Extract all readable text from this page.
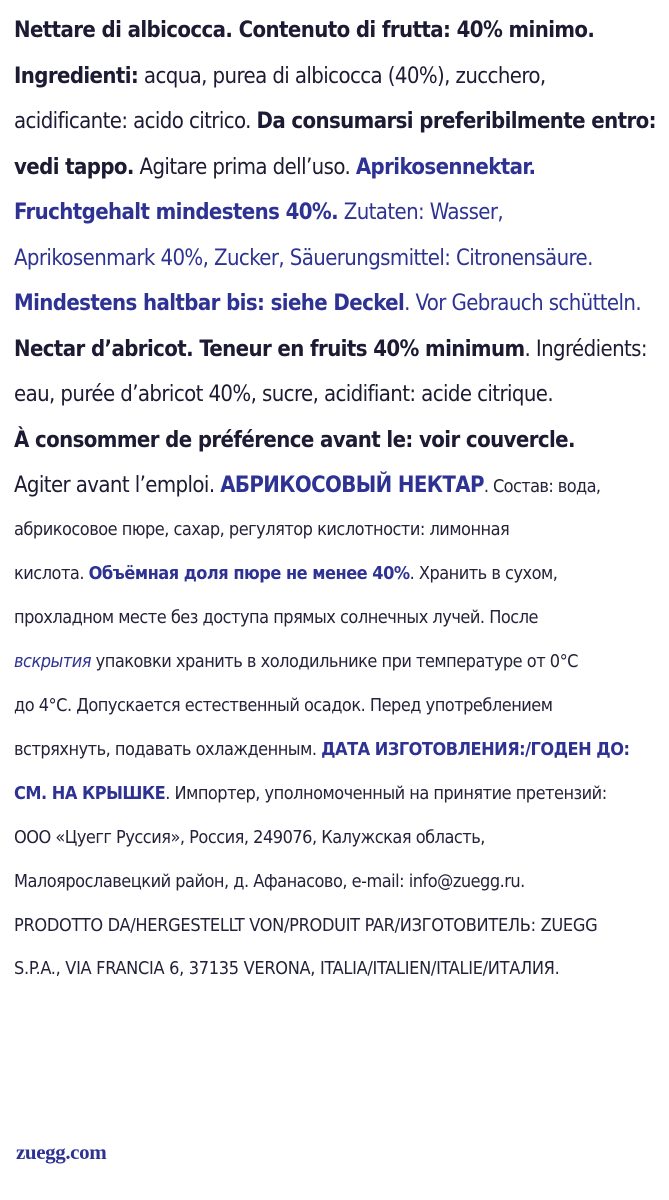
Nettare di albicocca. Contenuto di frutta: 40% minimo.
Ingredienti: acqua, purea di albicocca (40%), zucchero,
acidificante: acido citrico. Da consumarsi preferibilmente entro:
vedi tappo. Agitare prima dell’uso. Aprikosennektar.
Fruchtgehalt mindestens 40%. Zutaten: Wasser,
Aprikosenmark 40%, Zucker, Säuerungsmittel: Citronensäure.
Mindestens haltbar bis: siehe Deckel. Vor Gebrauch schütteln.
Nectar d’abricot. Teneur en fruits 40% minimum. Ingrédients:
eau, purée d’abricot 40%, sucre, acidifiant: acide citrique.
À consommer de préférence avant le: voir couvercle.
Agiter avant l’emploi. АБРИКОСОВЫЙ НЕКТАР. Состав: вода,
абрикосовое пюре, сахар, регулятор кислотности: лимонная
кислота. Объёмная доля пюре не менее 40%. Хранить в сухом,
прохладном месте без доступа прямых солнечных лучей. После
вскрытия упаковки хранить в холодильнике при температуре от 0°С
до 4°С. Допускается естественный осадок. Перед употреблением
встряхнуть, подавать охлажденным. ДАТА ИЗГОТОВЛЕНИЯ:/ГОДЕН ДО:
СМ. НА КРЫШКЕ. Импортер, уполномоченный на принятие претензий:
ООО «Цуегг Руссия», Россия, 249076, Калужская область,
Малоярославецкий район, д. Афанасово, e-mail: info@zuegg.ru.
PRODOTTO DA/HERGESTELLT VON/PRODUIT PAR/ИЗГОТОВИТЕЛЬ: ZUEGG
S.P.A., VIA FRANCIA 6, 37135 VERONA, ITALIA/ITALIEN/ITALIE/ИТАЛИЯ.
zuegg.com
